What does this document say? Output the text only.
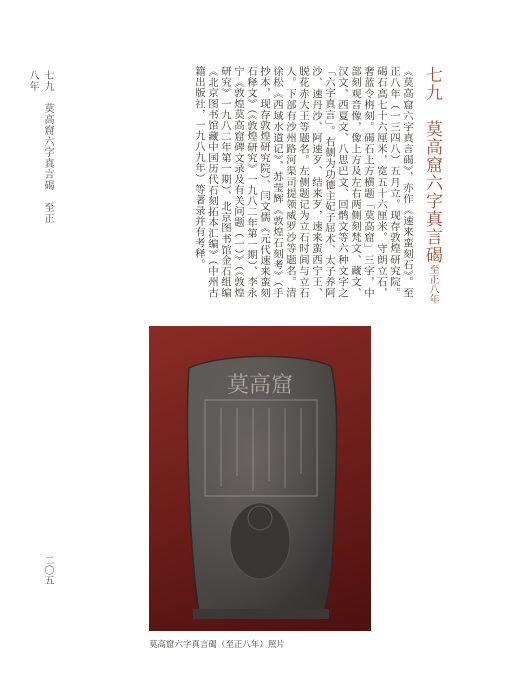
七九　莫高窟六字真言碣　至正八年
二〇五
七九　莫高窟六字真言碣至正八年
《莫高窟六字真言碣》，亦作《速来蛮刻石》。至正八年（一三四八）五月立。现存敦煌研究院。碣石高七十六厘米，宽五十六厘米。守朗立石，奢蓝令栴刻。碣石上方横题「莫高窟」三字，中部刻观音像，像上方及左右两侧刻梵文、藏文、汉文、西夏文、八思巴文、回鹘文等六种文字之「六字真言」。右侧为功德主妃子屈术、太子养阿沙、速丹沙、阿速歹、结来歹，速来蛮西宁王、脱花赤大王等题名。左侧题记为立石时间与立石人。下部有沙州路河渠司提领威罗沙等题名。清徐松《西域水道记》、苏莹辉《敦煌石刻考》（手抄本，现存敦煌研究院）、闫文儒《元代速来蛮刻石释文》（《敦煌研究》一九八二年第一期）、李永宁《敦煌莫高窟碑文录及有关问题（一）》（《敦煌研究》一九八二年第一期）、北京图书馆金石组编《北京图书馆藏中国历代石刻拓本汇编》（中州古籍出版社，一九八九年）等著录并有考释。
莫高窟
莫高窟六字真言碣（至正八年）照片
